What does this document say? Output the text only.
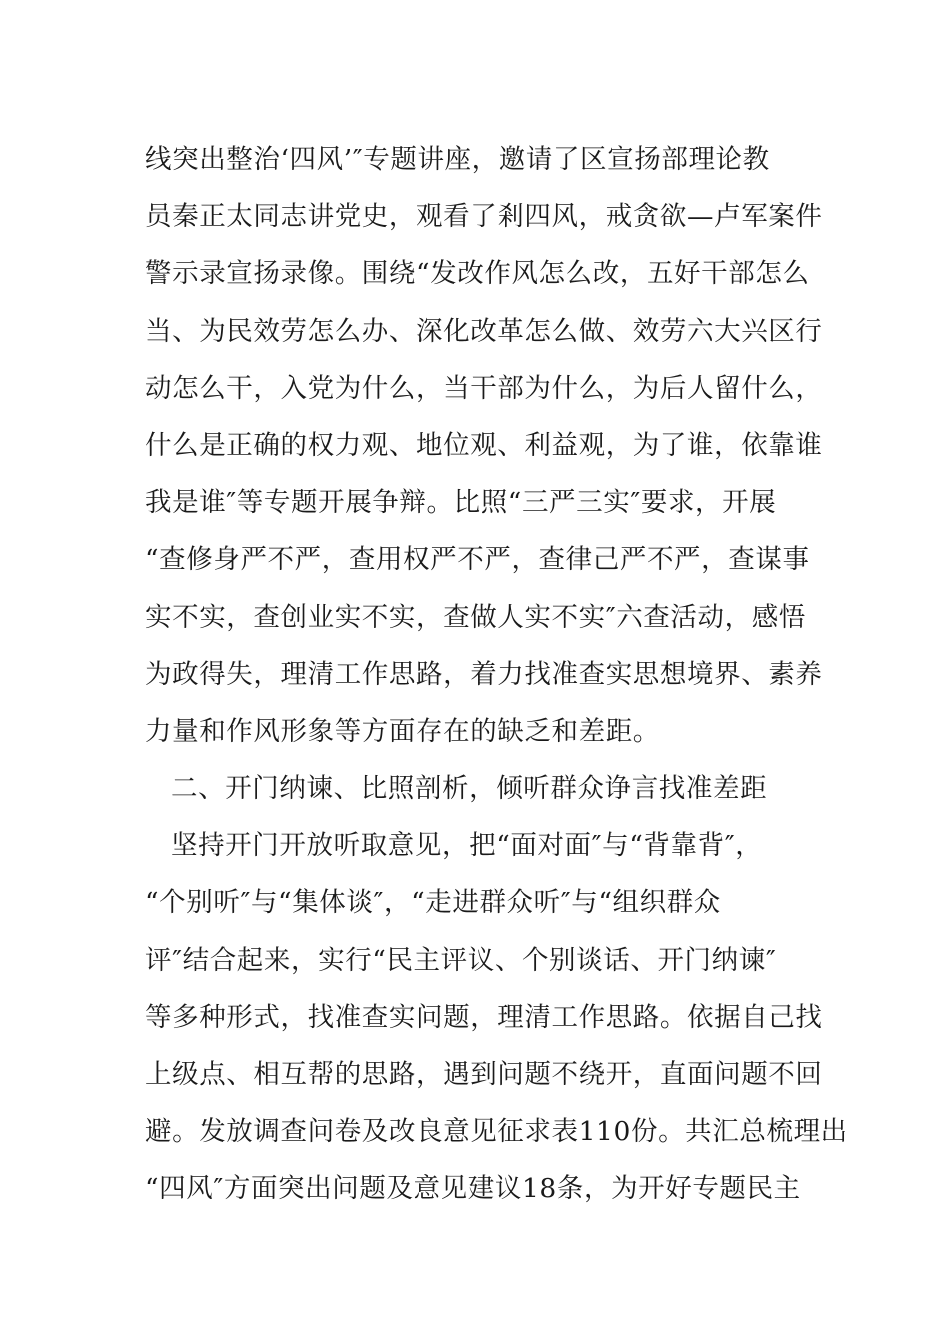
线突出整治‘四风’″专题讲座，邀请了区宣扬部理论教
员秦正太同志讲党史，观看了剎四风，戒贪欲—卢军案件
警示录宣扬录像。围绕“发改作风怎么改，五好干部怎么
当、为民效劳怎么办、深化改革怎么做、效劳六大兴区行
动怎么干，入党为什么，当干部为什么，为后人留什么，
什么是正确的权力观、地位观、利益观，为了谁，依靠谁
我是谁″等专题开展争辩。比照“三严三实″要求，开展
“查修身严不严，查用权严不严，查律己严不严，查谋事
实不实，查创业实不实，查做人实不实″六查活动，感悟
为政得失，理清工作思路，着力找准查实思想境界、素养
力量和作风形象等方面存在的缺乏和差距。
二、开门纳谏、比照剖析，倾听群众诤言找准差距
坚持开门开放听取意见，把“面对面″与“背靠背″，
“个别听″与“集体谈″，“走进群众听″与“组织群众
评″结合起来，实行“民主评议、个别谈话、开门纳谏″
等多种形式，找准查实问题，理清工作思路。依据自己找
上级点、相互帮的思路，遇到问题不绕开，直面问题不回
避。发放调查问卷及改良意见征求表110份。共汇总梳理出
“四风″方面突出问题及意见建议18条，为开好专题民主
